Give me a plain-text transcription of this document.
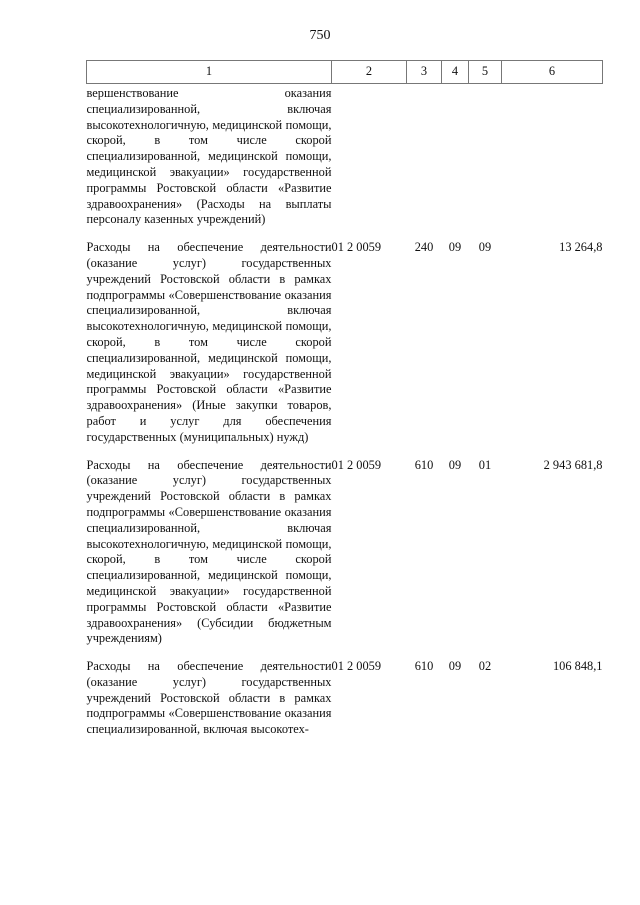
750
1	2	3	4	5	6
вершенствование оказания специализированной, включая высокотехнологичную, медицинской помощи, скорой, в том числе скорой специализированной, медицинской помощи, медицинской эвакуации» государственной программы Ростовской области «Развитие здравоохранения» (Расходы на выплаты персоналу казенных учреждений)					
Расходы на обеспечение деятельности (оказание услуг) государственных учреждений Ростовской области в рамках подпрограммы «Совершенствование оказания специализированной, включая высокотехнологичную, медицинской помощи, скорой, в том числе скорой специализированной, медицинской помощи, медицинской эвакуации» государственной программы Ростовской области «Развитие здравоохранения» (Иные закупки товаров, работ и услуг для обеспечения государственных (муниципальных) нужд)	01 2 0059	240	09	09	13 264,8
Расходы на обеспечение деятельности (оказание услуг) государственных учреждений Ростовской области в рамках подпрограммы «Совершенствование оказания специализированной, включая высокотехнологичную, медицинской помощи, скорой, в том числе скорой специализированной, медицинской помощи, медицинской эвакуации» государственной программы Ростовской области «Развитие здравоохранения» (Субсидии бюджетным учреждениям)	01 2 0059	610	09	01	2 943 681,8
Расходы на обеспечение деятельности (оказание услуг) государственных учреждений Ростовской области в рамках подпрограммы «Совершенствование оказания специализированной, включая высокотех-	01 2 0059	610	09	02	106 848,1
